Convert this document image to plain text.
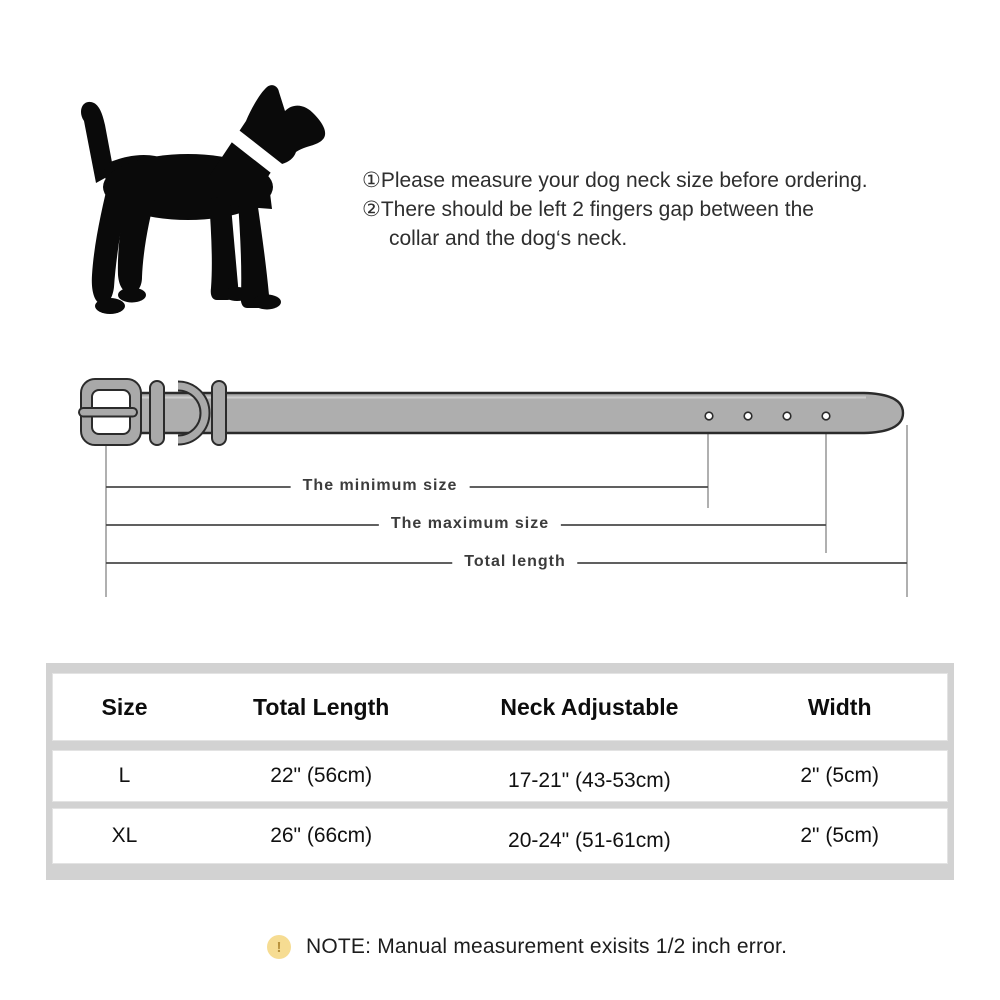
①Please measure your dog neck size before ordering.
②There should be left 2 fingers gap between the
collar and the dog‘s neck.
The minimum size
The maximum size
Total length
Size	Total Length	Neck Adjustable	Width
L	22" (56cm)	17-21" (43-53cm)	2" (5cm)
XL	26" (66cm)	20-24" (51-61cm)	2" (5cm)
!	NOTE: Manual measurement exisits 1/2 inch error.
